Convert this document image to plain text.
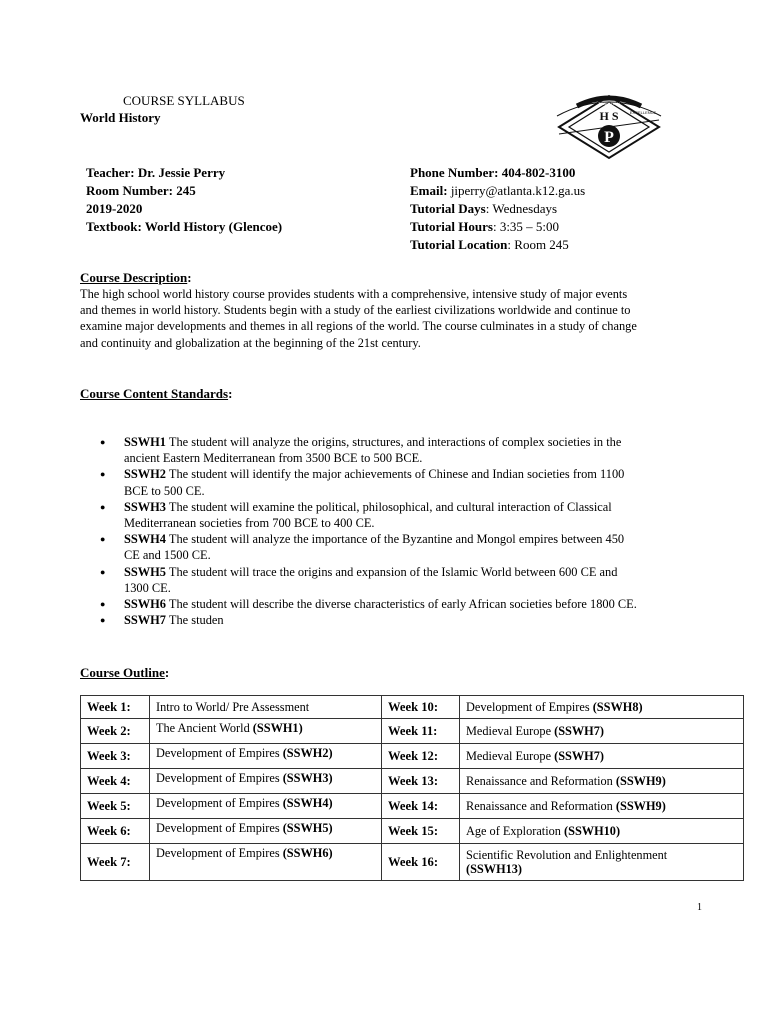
COURSE SYLLABUS
World History
TRADITION
EXCELLENCE
H S
P
Teacher: Dr. Jessie Perry
Room Number: 245
2019-2020
Textbook: World History (Glencoe)
Phone Number: 404-802-3100
Email: jiperry@atlanta.k12.ga.us
Tutorial Days: Wednesdays
Tutorial Hours: 3:35 – 5:00
Tutorial Location: Room 245
Course Description:
The high school world history course provides students with a comprehensive, intensive study of major events
and themes in world history. Students begin with a study of the earliest civilizations worldwide and continue to
examine major developments and themes in all regions of the world. The course culminates in a study of change
and continuity and globalization at the beginning of the 21st century.
Course Content Standards:
● SSWH1 The student will analyze the origins, structures, and interactions of complex societies in the
ancient Eastern Mediterranean from 3500 BCE to 500 BCE.
● SSWH2 The student will identify the major achievements of Chinese and Indian societies from 1100
BCE to 500 CE.
● SSWH3 The student will examine the political, philosophical, and cultural interaction of Classical
Mediterranean societies from 700 BCE to 400 CE.
● SSWH4 The student will analyze the importance of the Byzantine and Mongol empires between 450
CE and 1500 CE.
● SSWH5 The student will trace the origins and expansion of the Islamic World between 600 CE and
1300 CE.
● SSWH6 The student will describe the diverse characteristics of early African societies before 1800 CE.
● SSWH7 The studen
Course Outline:
Week 1:	Intro to World/ Pre Assessment	Week 10:	Development of Empires (SSWH8)
Week 2:	The Ancient World (SSWH1)	Week 11:	Medieval Europe (SSWH7)
Week 3:	Development of Empires (SSWH2)	Week 12:	Medieval Europe (SSWH7)
Week 4:	Development of Empires (SSWH3)	Week 13:	Renaissance and Reformation (SSWH9)
Week 5:	Development of Empires (SSWH4)	Week 14:	Renaissance and Reformation (SSWH9)
Week 6:	Development of Empires (SSWH5)	Week 15:	Age of Exploration (SSWH10)
Week 7:	Development of Empires (SSWH6)	Week 16:	Scientific Revolution and Enlightenment
(SSWH13)
1
